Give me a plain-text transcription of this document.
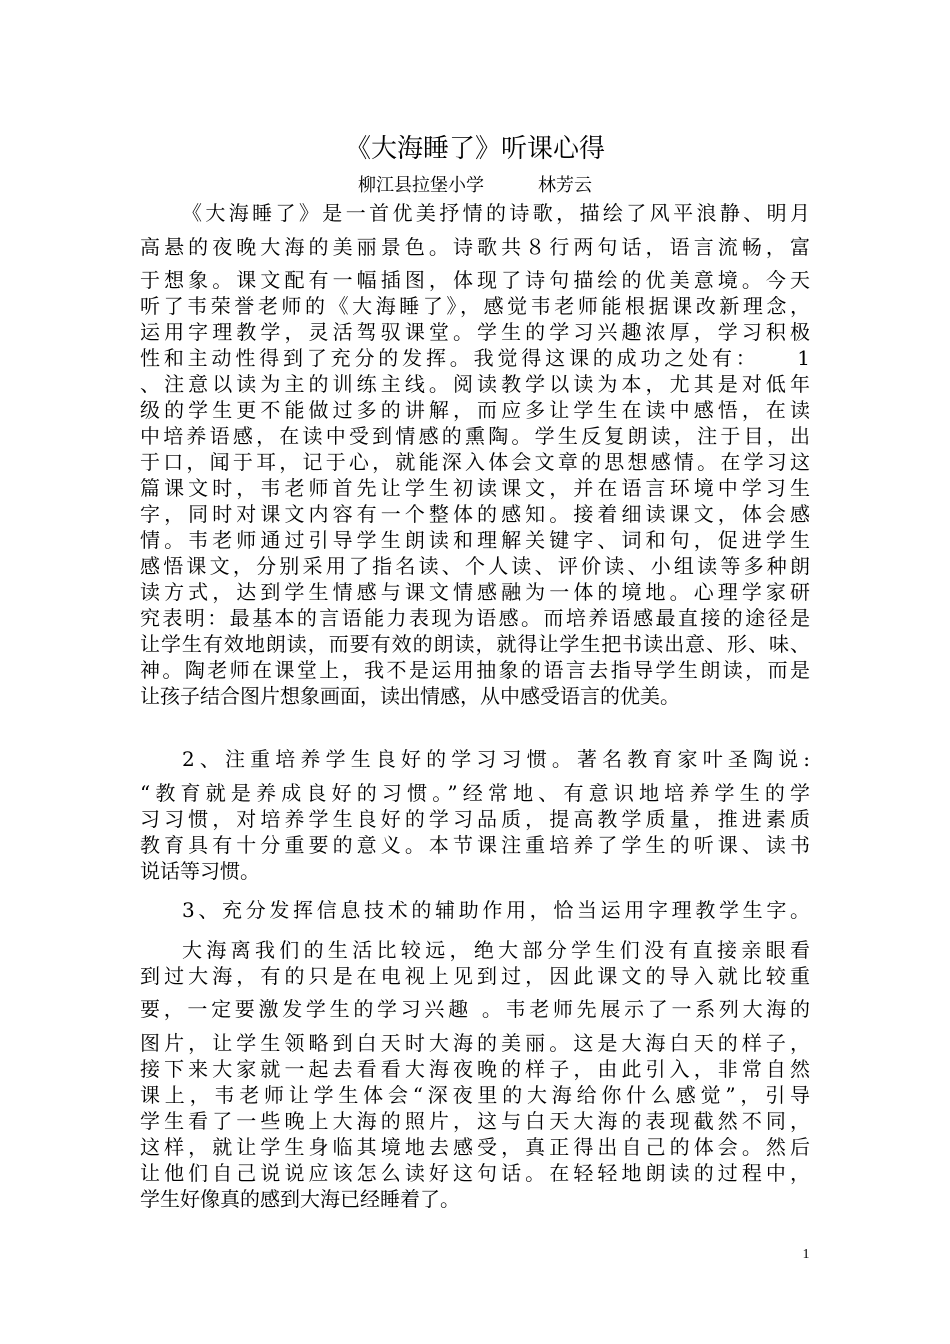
《大海睡了》听课心得
柳江县拉堡小学　　　林芳云
《大海睡了》是一首优美抒情的诗歌，描绘了风平浪静、明月
高悬的夜晚大海的美丽景色。诗歌共８行两句话，语言流畅，富
于想象。课文配有一幅插图，体现了诗句描绘的优美意境。今天
听了韦荣誉老师的《大海睡了》，感觉韦老师能根据课改新理念，
运用字理教学，灵活驾驭课堂。学生的学习兴趣浓厚，学习积极
性和主动性得到了充分的发挥。我觉得这课的成功之处有：　　1
、注意以读为主的训练主线。阅读教学以读为本，尤其是对低年
级的学生更不能做过多的讲解，而应多让学生在读中感悟，在读
中培养语感，在读中受到情感的熏陶。学生反复朗读，注于目，出
于口，闻于耳，记于心，就能深入体会文章的思想感情。在学习这
篇课文时，韦老师首先让学生初读课文，并在语言环境中学习生
字，同时对课文内容有一个整体的感知。接着细读课文，体会感
情。韦老师通过引导学生朗读和理解关键字、词和句，促进学生
感悟课文，分别采用了指名读、个人读、评价读、小组读等多种朗
读方式，达到学生情感与课文情感融为一体的境地。心理学家研
究表明：最基本的言语能力表现为语感。而培养语感最直接的途径是
让学生有效地朗读，而要有效的朗读，就得让学生把书读出意、形、味、
神。陶老师在课堂上，我不是运用抽象的语言去指导学生朗读，而是
让孩子结合图片想象画面，读出情感，从中感受语言的优美。
2、注重培养学生良好的学习习惯。著名教育家叶圣陶说:
“教育就是养成良好的习惯。”经常地、有意识地培养学生的学
习习惯，对培养学生良好的学习品质，提高教学质量，推进素质
教育具有十分重要的意义。本节课注重培养了学生的听课、读书
说话等习惯。
3、充分发挥信息技术的辅助作用，恰当运用字理教学生字。
大海离我们的生活比较远，绝大部分学生们没有直接亲眼看
到过大海，有的只是在电视上见到过，因此课文的导入就比较重
要，一定要激发学生的学习兴趣 。韦老师先展示了一系列大海的
图片，让学生领略到白天时大海的美丽。这是大海白天的样子，
接下来大家就一起去看看大海夜晚的样子，由此引入，非常自然
课上，韦老师让学生体会“深夜里的大海给你什么感觉”，引导
学生看了一些晚上大海的照片，这与白天大海的表现截然不同，
这样，就让学生身临其境地去感受，真正得出自己的体会。然后
让他们自己说说应该怎么读好这句话。在轻轻地朗读的过程中，
学生好像真的感到大海已经睡着了。
1
